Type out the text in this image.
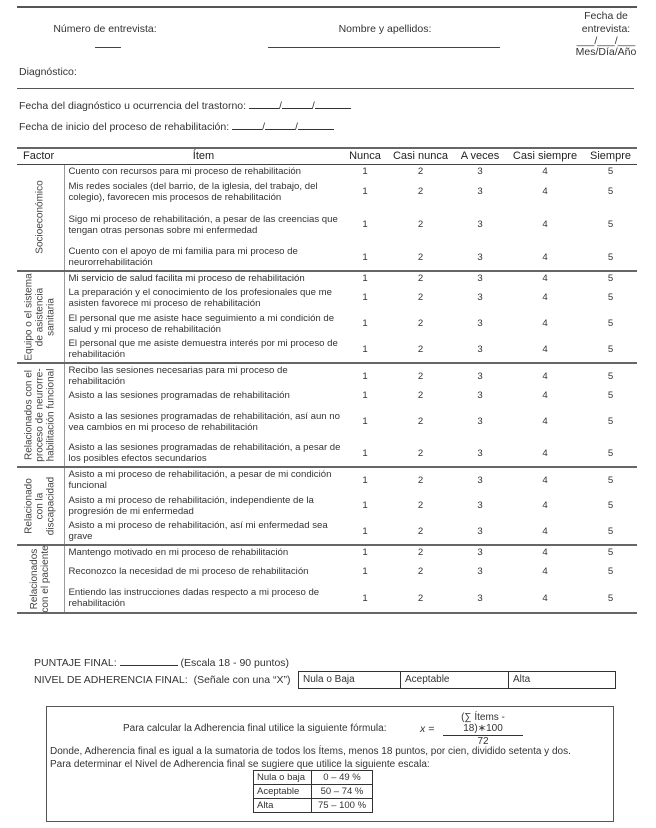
Número de entrevista:	Nombre y apellidos:
Fecha de
entrevista:
___/___/___
Mes/Día/Año
Diagnóstico:
Fecha del diagnóstico u ocurrencia del trastorno:	/	/
Fecha de inicio del proceso de rehabilitación:	/	/
Factor	Ítem	Nunca	Casi nunca	A veces	Casi siempre	Siempre

Socioeconómico	Cuento con recursos para mi proceso de rehabilitación	1	2	3	4	5
	Mis redes sociales (del barrio, de la iglesia, del trabajo, del colegio), favorecen mis procesos de rehabilitación	1	2	3	4	5
	Sigo mi proceso de rehabilitación, a pesar de las creencias que tengan otras personas sobre mi enfermedad	1	2	3	4	5
	Cuento con el apoyo de mi familia para mi proceso de neurorrehabilitación	1	2	3	4	5

Equipo o el sistema de asistencia sanitaria	Mi servicio de salud facilita mi proceso de rehabilitación	1	2	3	4	5
	La preparación y el conocimiento de los profesionales que me asisten favorece mi proceso de rehabilitación	1	2	3	4	5
	El personal que me asiste hace seguimiento a mi condición de salud y mi proceso de rehabilitación	1	2	3	4	5
	El personal que me asiste demuestra interés por mi proceso de rehabilitación	1	2	3	4	5

Relacionados con el proceso de neurorre-habilitación funcional	Recibo las sesiones necesarias para mi proceso de rehabilitación	1	2	3	4	5
	Asisto a las sesiones programadas de rehabilitación	1	2	3	4	5
	Asisto a las sesiones programadas de rehabilitación, así aun no vea cambios en mi proceso de rehabilitación	1	2	3	4	5
	Asisto a las sesiones programadas de rehabilitación, a pesar de los posibles efectos secundarios	1	2	3	4	5

Relacionado con la discapacidad	Asisto a mi proceso de rehabilitación, a pesar de mi condición funcional	1	2	3	4	5
	Asisto a mi proceso de rehabilitación, independiente de la progresión de mi enfermedad	1	2	3	4	5
	Asisto a mi proceso de rehabilitación, así mi enfermedad sea grave	1	2	3	4	5

Relacionados con el paciente	Mantengo motivado en mi proceso de rehabilitación	1	2	3	4	5
	Reconozco la necesidad de mi proceso de rehabilitación	1	2	3	4	5
	Entiendo las instrucciones dadas respecto a mi proceso de rehabilitación	1	2	3	4	5
PUNTAJE FINAL:	(Escala 18 - 90 puntos)
NIVEL DE ADHERENCIA FINAL: (Señale con una “X”)	Nula o Baja	Aceptable	Alta
Para calcular la Adherencia final utilice la siguiente fórmula:	x =
(∑ Ítems - 18)∗100
72
Donde, Adherencia final es igual a la sumatoria de todos los Ítems, menos 18 puntos, por cien, dividido setenta y dos.
Para determinar el Nivel de Adherencia final se sugiere que utilice la siguiente escala:
Nula o baja	0 – 49 %
Aceptable	50 – 74 %
Alta	75 – 100 %
